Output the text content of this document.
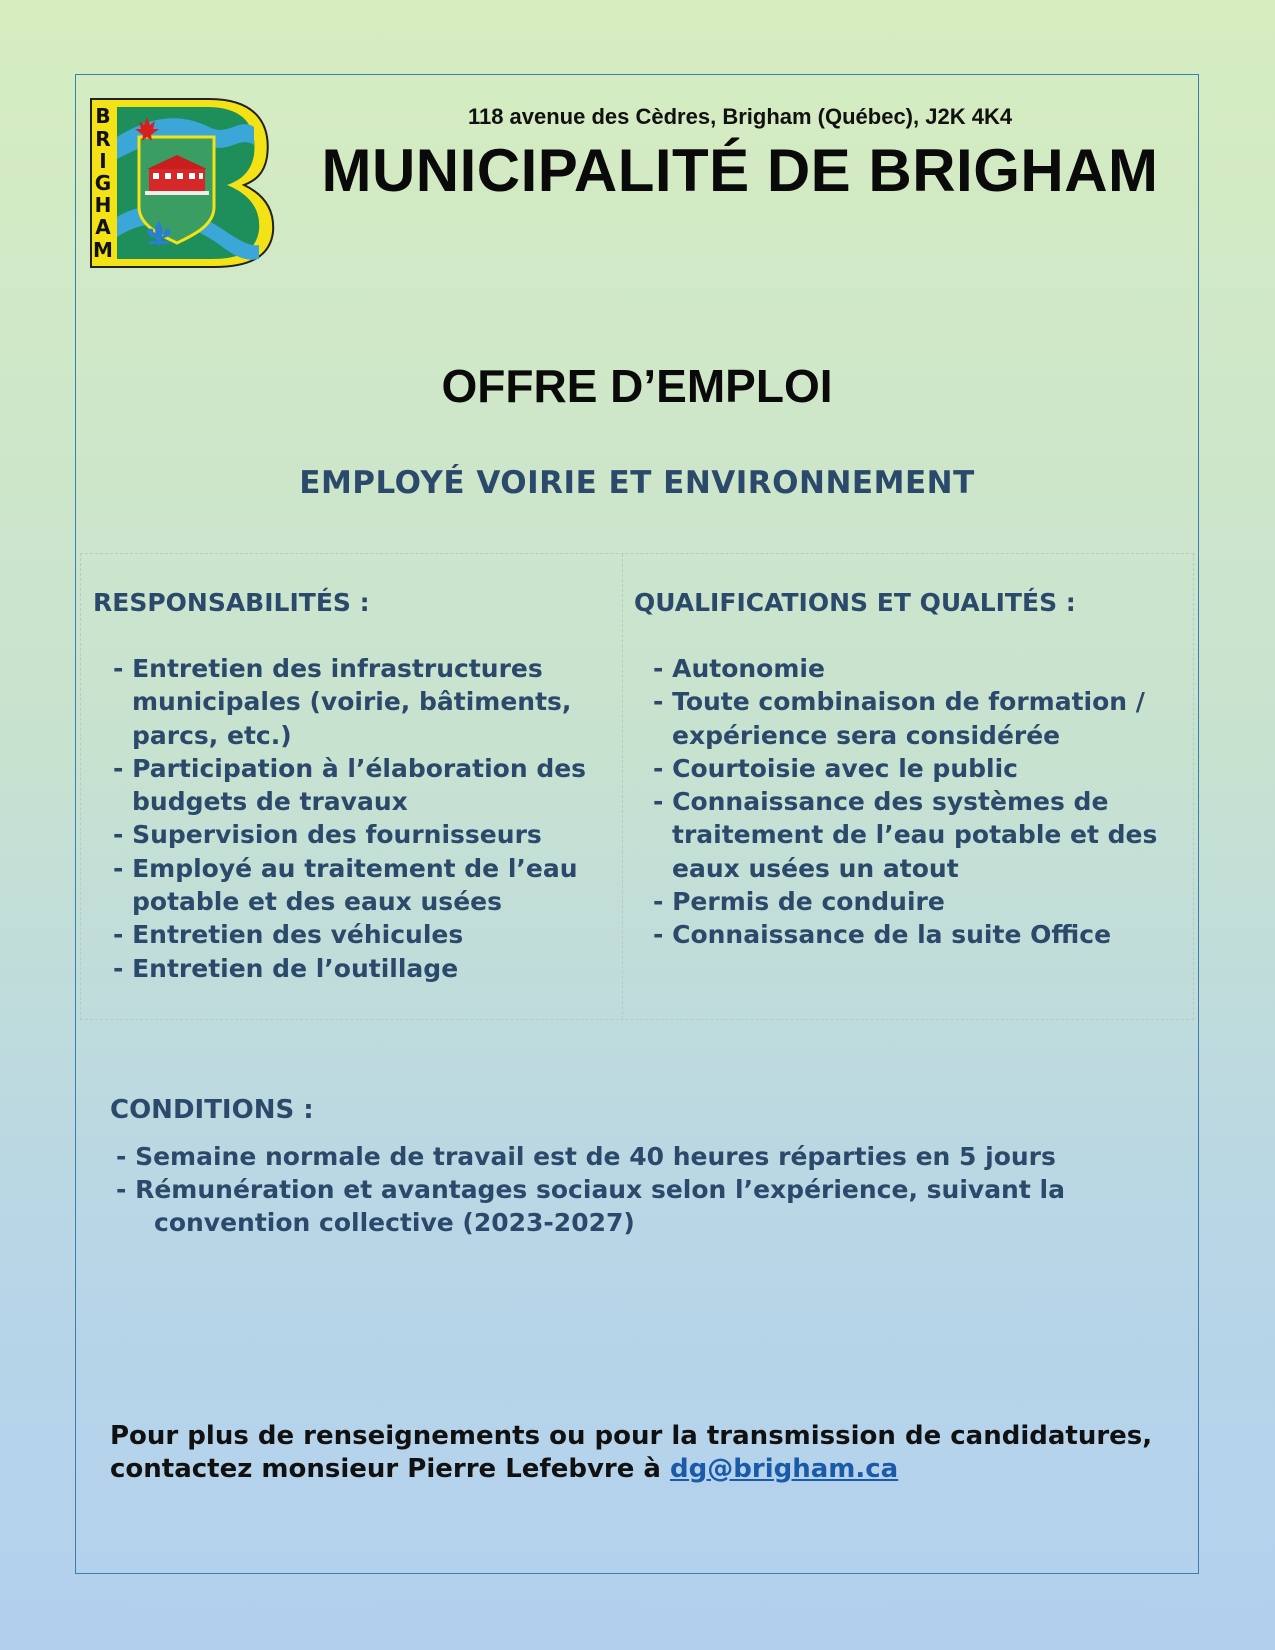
B
R
I
G
H
A
M
118 avenue des Cèdres, Brigham (Québec), J2K 4K4
MUNICIPALITÉ DE BRIGHAM
OFFRE D’EMPLOI
EMPLOYÉ VOIRIE ET ENVIRONNEMENT
RESPONSABILITÉS :
- Entretien des infrastructures municipales (voirie, bâtiments, parcs, etc.)
- Participation à l’élaboration des budgets de travaux
- Supervision des fournisseurs
- Employé au traitement de l’eau potable et des eaux usées
- Entretien des véhicules
- Entretien de l’outillage
QUALIFICATIONS ET QUALITÉS :
- Autonomie
- Toute combinaison de formation / expérience sera considérée
- Courtoisie avec le public
- Connaissance des systèmes de traitement de l’eau potable et des eaux usées un atout
- Permis de conduire
- Connaissance de la suite Office
CONDITIONS :
- Semaine normale de travail est de 40 heures réparties en 5 jours
- Rémunération et avantages sociaux selon l’expérience, suivant la convention collective (2023-2027)
Pour plus de renseignements ou pour la transmission de candidatures, contactez monsieur Pierre Lefebvre à dg@brigham.ca
